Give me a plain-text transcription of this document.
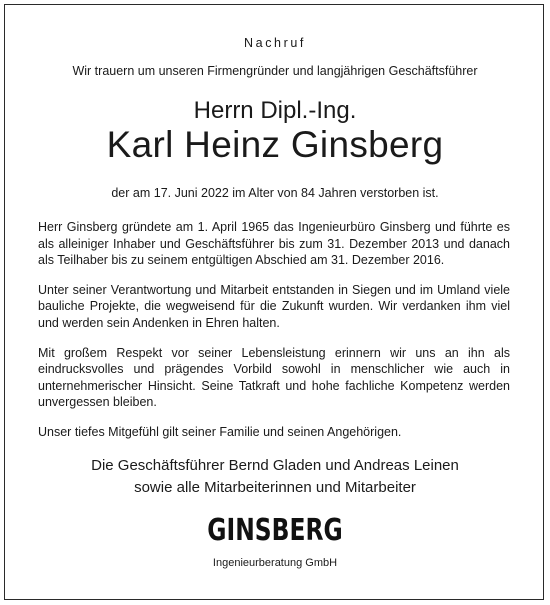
Nachruf
Wir trauern um unseren Firmengründer und langjährigen Geschäftsführer
Herrn Dipl.-Ing.
Karl Heinz Ginsberg
der am 17. Juni 2022 im Alter von 84 Jahren verstorben ist.

Herr Ginsberg gründete am 1. April 1965 das Ingenieurbüro Ginsberg und führte es als alleiniger Inhaber und Geschäftsführer bis zum 31. Dezember 2013 und danach als Teilhaber bis zu seinem entgültigen Abschied am 31. Dezember 2016.

Unter seiner Verantwortung und Mitarbeit entstanden in Siegen und im Umland viele bauliche Projekte, die wegweisend für die Zukunft wurden. Wir verdanken ihm viel und werden sein Andenken in Ehren halten.

Mit großem Respekt vor seiner Lebensleistung erinnern wir uns an ihn als eindrucksvolles und prägendes Vorbild sowohl in menschlicher wie auch in unternehmerischer Hinsicht. Seine Tatkraft und hohe fachliche Kompetenz werden unvergessen bleiben.

Unser tiefes Mitgefühl gilt seiner Familie und seinen Angehörigen.

Die Geschäftsführer Bernd Gladen und Andreas Leinen
sowie alle Mitarbeiterinnen und Mitarbeiter
GINSBERG
Ingenieurberatung GmbH
